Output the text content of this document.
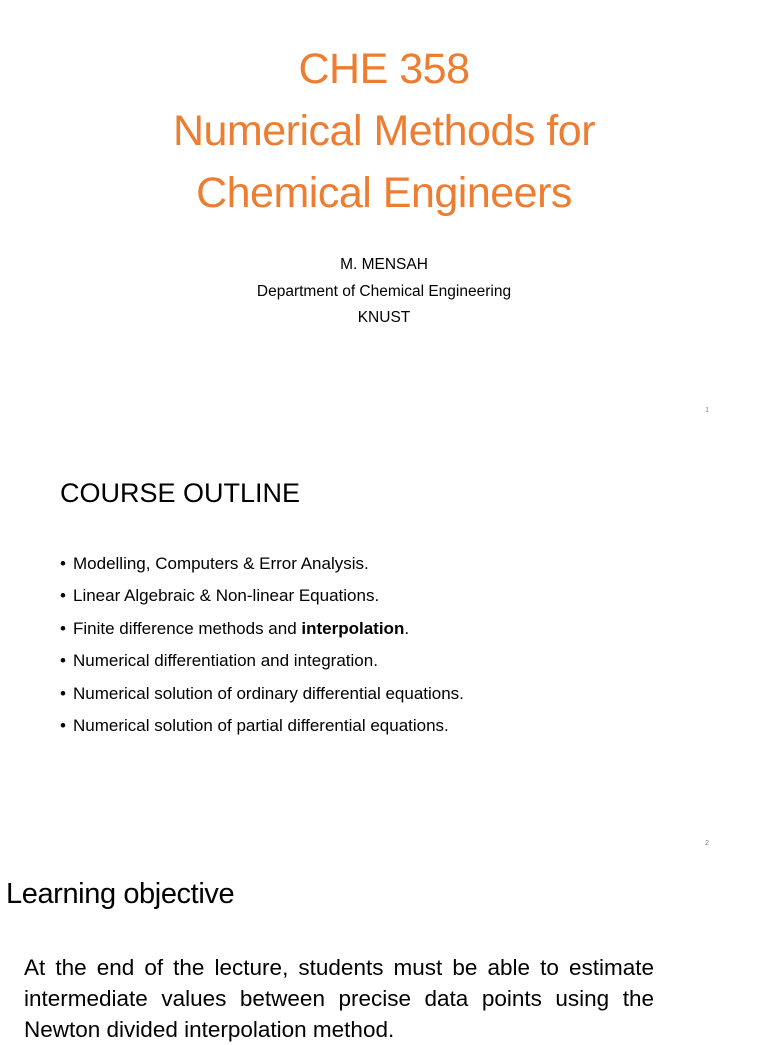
CHE 358
Numerical Methods for
Chemical Engineers
M. MENSAH
Department of Chemical Engineering
KNUST
1
COURSE OUTLINE
• Modelling, Computers & Error Analysis.
• Linear Algebraic & Non-linear Equations.
• Finite difference methods and interpolation.
• Numerical differentiation and integration.
• Numerical solution of ordinary differential equations.
• Numerical solution of partial differential equations.
2
Learning objective
At the end of the lecture, students must be able to estimate intermediate values between precise data points using the Newton divided interpolation method.
